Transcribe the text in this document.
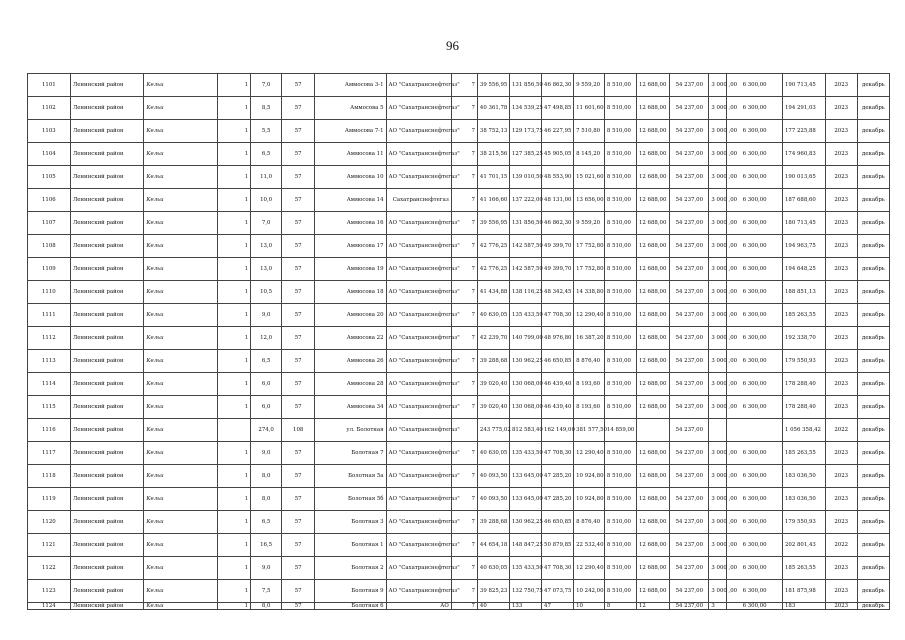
96
1101	Ленинский район	Кельи	1	7,0	57	Аммосова 3-1	АО "Сахатранснефтегаз"	7	39 556,95	131 856,50	46 862,30	9 559,20	8 510,00	12 688,00	54 237,00	3 000 ,00	6 300,00	190 713,45	2023	декабрь
1102	Ленинский район	Кельи	1	8,5	57	Аммосова 5	АО "Сахатранснефтегаз"	7	40 361,78	134 539,25	47 498,85	11 601,60	8 510,00	12 688,00	54 237,00	3 000 ,00	6 300,00	194 291,03	2023	декабрь
1103	Ленинский район	Кельи	1	5,5	57	Аммосова 7-1	АО "Сахатранснефтегаз"	7	38 752,13	129 173,75	46 227,95	7 510,80	8 510,00	12 688,00	54 237,00	3 000 ,00	6 300,00	177 225,88	2023	декабрь
1104	Ленинский район	Кельи	1	6,5	57	Аммосова 11	АО "Сахатранснефтегаз"	7	38 215,56	127 385,25	45 905,05	8 145,20	8 510,00	12 688,00	54 237,00	3 000 ,00	6 300,00	174 960,83	2023	декабрь
1105	Ленинский район	Кельи	1	11,0	57	Аммосова 10	АО "Сахатранснефтегаз"	7	41 701,15	139 010,50	48 553,90	15 021,60	8 510,00	12 688,00	54 237,00	3 000 ,00	6 300,00	190 013,65	2023	декабрь
1106	Ленинский район	Кельи	1	10,0	57	Аммосова 14	Сахатранснефтегаз	7	41 166,60	137 222,00	48 131,00	13 656,00	8 510,00	12 688,00	54 237,00	3 000 ,00	6 300,00	187 688,60	2023	декабрь
1107	Ленинский район	Кельи	1	7,0	57	Аммосова 16	АО "Сахатранснефтегаз"	7	39 556,95	131 856,50	46 862,30	9 559,20	8 510,00	12 688,00	54 237,00	3 000 ,00	6 300,00	180 713,45	2023	декабрь
1108	Ленинский район	Кельи	1	13,0	57	Аммосова 17	АО "Сахатранснефтегаз"	7	42 776,25	142 587,50	49 399,70	17 752,80	8 510,00	12 688,00	54 237,00	3 000 ,00	6 300,00	194 963,75	2023	декабрь
1109	Ленинский район	Кельи	1	13,0	57	Аммосова 19	АО "Сахатранснефтегаз"	7	42 776,25	142 587,50	49 399,70	17 752,80	8 510,00	12 688,00	54 237,00	3 000 ,00	6 300,00	194 648,25	2023	декабрь
1110	Ленинский район	Кельи	1	10,5	57	Аммосова 18	АО "Сахатранснефтегаз"	7	41 434,88	138 116,25	48 342,45	14 338,80	8 510,00	12 688,00	54 237,00	3 000 ,00	6 300,00	188 851,13	2023	декабрь
1111	Ленинский район	Кельи	1	9,0	57	Аммосова 20	АО "Сахатранснефтегаз"	7	40 630,05	135 433,50	47 708,30	12 290,40	8 510,00	12 688,00	54 237,00	3 000 ,00	6 300,00	185 263,55	2023	декабрь
1112	Ленинский район	Кельи	1	12,0	57	Аммосова 22	АО "Сахатранснефтегаз"	7	42 239,70	140 799,00	48 976,80	16 387,20	8 510,00	12 688,00	54 237,00	3 000 ,00	6 300,00	192 338,70	2023	декабрь
1113	Ленинский район	Кельи	1	6,5	57	Аммосова 26	АО "Сахатранснефтегаз"	7	39 288,68	130 962,25	46 650,85	8 876,40	8 510,00	12 688,00	54 237,00	3 000 ,00	6 300,00	179 550,93	2023	декабрь
1114	Ленинский район	Кельи	1	6,0	57	Аммосова 28	АО "Сахатранснефтегаз"	7	39 020,40	130 068,00	46 439,40	8 193,60	8 510,00	12 688,00	54 237,00	3 000 ,00	6 300,00	178 288,40	2023	декабрь
1115	Ленинский район	Кельи	1	6,0	57	Аммосова 34	АО "Сахатранснефтегаз"	7	39 020,40	130 068,00	46 439,40	8 193,60	8 510,00	12 688,00	54 237,00	3 000 ,00	6 300,00	178 288,40	2023	декабрь
1116	Ленинский район	Кельи		274,0	108	ул. Болотная	АО "Сахатранснефтегаз"		243 775,02	812 583,40	162 149,00	381 577,50	14 859,00		54 237,00			1 056 358,42	2022	декабрь
1117	Ленинский район	Кельи	1	9,0	57	Болотная 7	АО "Сахатранснефтегаз"	7	40 630,05	135 433,50	47 708,30	12 290,40	8 510,00	12 688,00	54 237,00	3 000 ,00	6 300,00	185 263,55	2023	декабрь
1118	Ленинский район	Кельи	1	8,0	57	Болотная 5а	АО "Сахатранснефтегаз"	7	40 093,50	133 645,00	47 285,20	10 924,80	8 510,00	12 688,00	54 237,00	3 000 ,00	6 300,00	183 036,50	2023	декабрь
1119	Ленинский район	Кельи	1	8,0	57	Болотная 5б	АО "Сахатранснефтегаз"	7	40 093,50	133 645,00	47 285,20	10 924,80	8 510,00	12 688,00	54 237,00	3 000 ,00	6 300,00	183 036,50	2023	декабрь
1120	Ленинский район	Кельи	1	6,5	57	Болотная 3	АО "Сахатранснефтегаз"	7	39 288,68	130 962,25	46 650,85	8 876,40	8 510,00	12 688,00	54 237,00	3 000 ,00	6 300,00	179 550,93	2023	декабрь
1121	Ленинский район	Кельи	1	16,5	57	Болотная 1	АО "Сахатранснефтегаз"	7	44 654,18	148 847,25	50 879,85	22 532,40	8 510,00	12 688,00	54 237,00	3 000 ,00	6 300,00	202 801,43	2022	декабрь
1122	Ленинский район	Кельи	1	9,0	57	Болотная 2	АО "Сахатранснефтегаз"	7	40 630,05	135 433,50	47 708,30	12 290,40	8 510,00	12 688,00	54 237,00	3 000 ,00	6 300,00	185 263,55	2023	декабрь
1123	Ленинский район	Кельи	1	7,5	57	Болотная 9	АО "Сахатранснефтегаз"	7	39 825,23	132 750,75	47 073,75	10 242,00	8 510,00	12 688,00	54 237,00	3 000 ,00	6 300,00	181 875,98	2023	декабрь
1124	Ленинский район	Кельи	1	8,0	57	Болотная 6	АО	7	40	133	47	10	8	12	54 237,00	3	6 300,00	183	2023	декабрь
